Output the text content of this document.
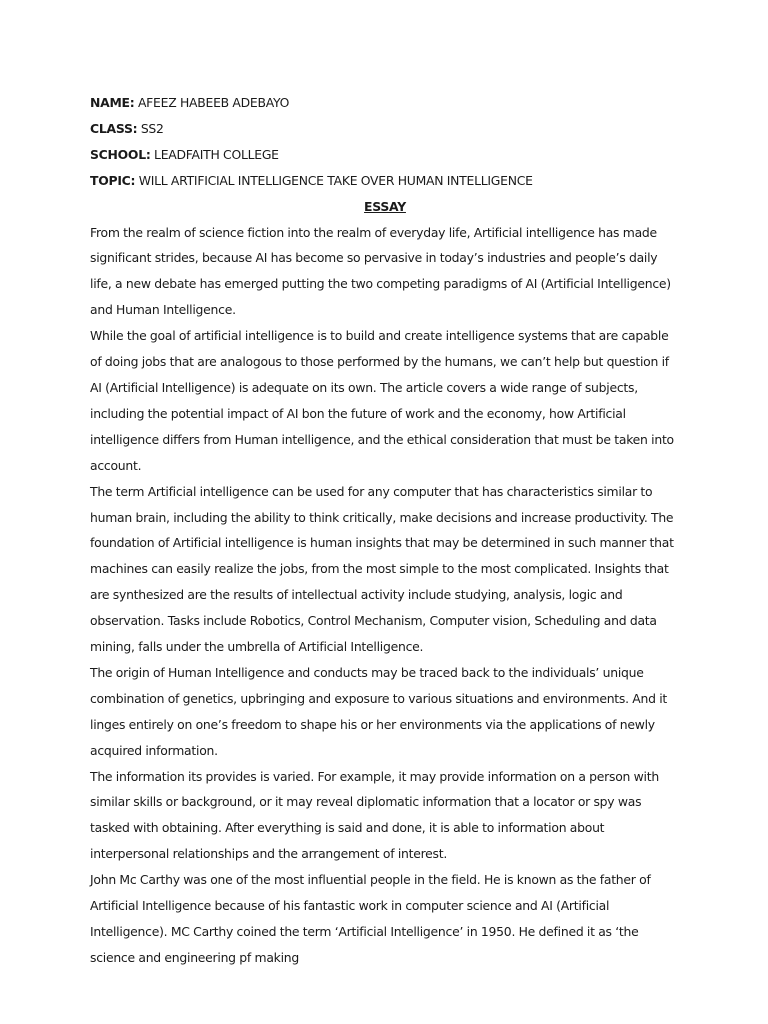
NAME: AFEEZ HABEEB ADEBAYO

CLASS: SS2

SCHOOL: LEADFAITH COLLEGE

TOPIC: WILL ARTIFICIAL INTELLIGENCE TAKE OVER HUMAN INTELLIGENCE

ESSAY

From the realm of science fiction into the realm of everyday life, Artificial intelligence has made significant strides, because AI has become so pervasive in today’s industries and people’s daily life, a new debate has emerged putting the two competing paradigms of AI (Artificial Intelligence) and Human Intelligence.

While the goal of artificial intelligence is to build and create intelligence systems that are capable of doing jobs that are analogous to those performed by the humans, we can’t help but question if AI (Artificial Intelligence) is adequate on its own. The article covers a wide range of subjects, including the potential impact of AI bon the future of work and the economy, how Artificial intelligence differs from Human intelligence, and the ethical consideration that must be taken into account.

The term Artificial intelligence can be used for any computer that has characteristics similar to human brain, including the ability to think critically, make decisions and increase productivity. The foundation of Artificial intelligence is human insights that may be determined in such manner that machines can easily realize the jobs, from the most simple to the most complicated. Insights that are synthesized are the results of intellectual activity include studying, analysis, logic and observation. Tasks include Robotics, Control Mechanism, Computer vision, Scheduling and data mining, falls under the umbrella of Artificial Intelligence.

The origin of Human Intelligence and conducts may be traced back to the individuals’ unique combination of genetics, upbringing and exposure to various situations and environments. And it linges entirely on one’s freedom to shape his or her environments via the applications of newly acquired information.

The information its provides is varied. For example, it may provide information on a person with similar skills or background, or it may reveal diplomatic information that a locator or spy was tasked with obtaining. After everything is said and done, it is able to information about interpersonal relationships and the arrangement of interest.

John Mc Carthy was one of the most influential people in the field. He is known as the father of Artificial Intelligence because of his fantastic work in computer science and AI (Artificial Intelligence). MC Carthy coined the term ‘Artificial Intelligence’ in 1950. He defined it as ‘the science and engineering pf making
